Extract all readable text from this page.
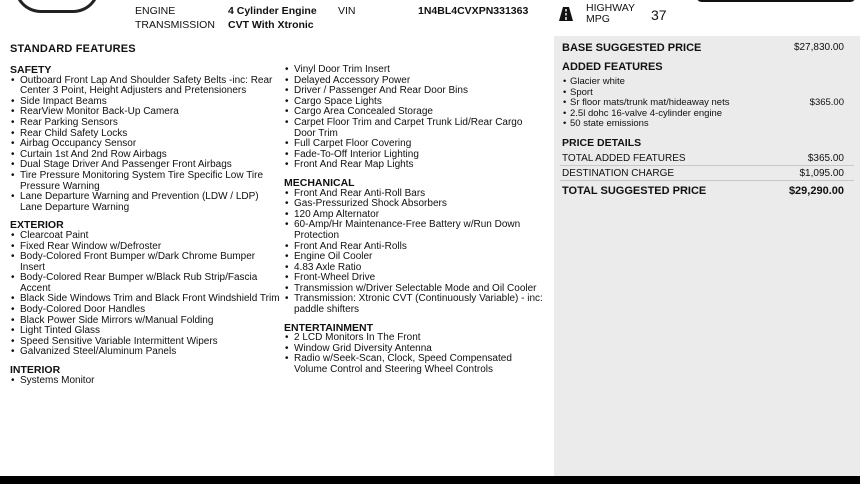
ENGINE	4 Cylinder Engine VIN	1N4BL4CVXPN331363
TRANSMISSION CVT With Xtronic
HIGHWAY
MPG	37
STANDARD FEATURES
SAFETY
• Outboard Front Lap And Shoulder Safety Belts -inc: Rear Center 3 Point, Height Adjusters and Pretensioners
• Side Impact Beams
• RearView Monitor Back-Up Camera
• Rear Parking Sensors
• Rear Child Safety Locks
• Airbag Occupancy Sensor
• Curtain 1st And 2nd Row Airbags
• Dual Stage Driver And Passenger Front Airbags
• Tire Pressure Monitoring System Tire Specific Low Tire Pressure Warning
• Lane Departure Warning and Prevention (LDW / LDP) Lane Departure Warning
EXTERIOR
• Clearcoat Paint
• Fixed Rear Window w/Defroster
• Body-Colored Front Bumper w/Dark Chrome Bumper Insert
• Body-Colored Rear Bumper w/Black Rub Strip/Fascia Accent
• Black Side Windows Trim and Black Front Windshield Trim
• Body-Colored Door Handles
• Black Power Side Mirrors w/Manual Folding
• Light Tinted Glass
• Speed Sensitive Variable Intermittent Wipers
• Galvanized Steel/Aluminum Panels
INTERIOR
• Systems Monitor
• Vinyl Door Trim Insert
• Delayed Accessory Power
• Driver / Passenger And Rear Door Bins
• Cargo Space Lights
• Cargo Area Concealed Storage
• Carpet Floor Trim and Carpet Trunk Lid/Rear Cargo Door Trim
• Full Carpet Floor Covering
• Fade-To-Off Interior Lighting
• Front And Rear Map Lights
MECHANICAL
• Front And Rear Anti-Roll Bars
• Gas-Pressurized Shock Absorbers
• 120 Amp Alternator
• 60-Amp/Hr Maintenance-Free Battery w/Run Down Protection
• Front And Rear Anti-Rolls
• Engine Oil Cooler
• 4.83 Axle Ratio
• Front-Wheel Drive
• Transmission w/Driver Selectable Mode and Oil Cooler
• Transmission: Xtronic CVT (Continuously Variable) - inc: paddle shifters
ENTERTAINMENT
• 2 LCD Monitors In The Front
• Window Grid Diversity Antenna
• Radio w/Seek-Scan, Clock, Speed Compensated Volume Control and Steering Wheel Controls
BASE SUGGESTED PRICE	$27,830.00
ADDED FEATURES
• Glacier white
• Sport
• Sr floor mats/trunk mat/hideaway nets	$365.00
• 2.5l dohc 16-valve 4-cylinder engine
• 50 state emissions
PRICE DETAILS
TOTAL ADDED FEATURES	$365.00
DESTINATION CHARGE	$1,095.00
TOTAL SUGGESTED PRICE	$29,290.00
